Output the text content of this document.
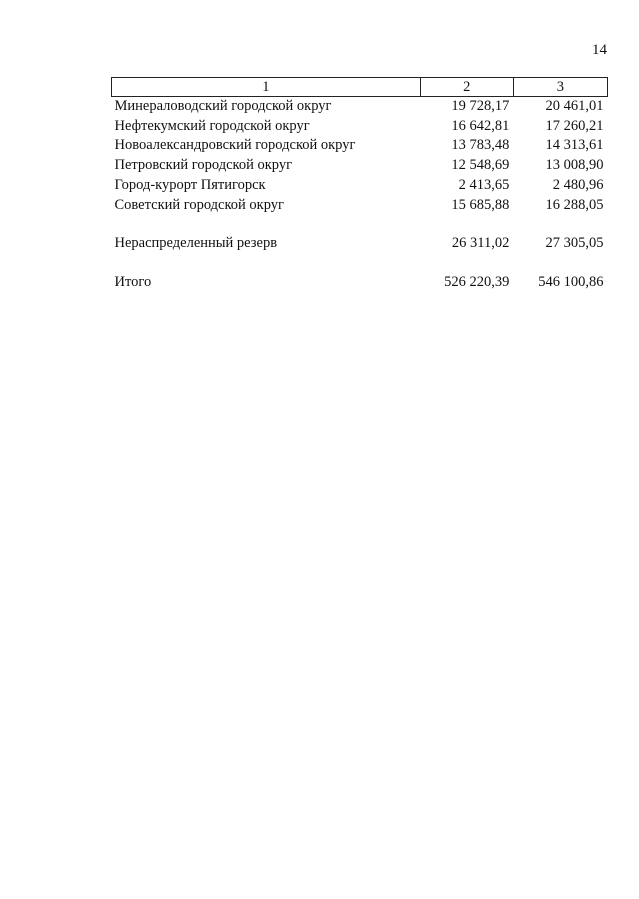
14
1	2	3
Минераловодский городской округ	19 728,17	20 461,01
Нефтекумский городской округ	16 642,81	17 260,21
Новоалександровский городской округ	13 783,48	14 313,61
Петровский городской округ	12 548,69	13 008,90
Город-курорт Пятигорск	2 413,65	2 480,96
Советский городской округ	15 685,88	16 288,05

Нераспределенный резерв	26 311,02	27 305,05

Итого	526 220,39	546 100,86
